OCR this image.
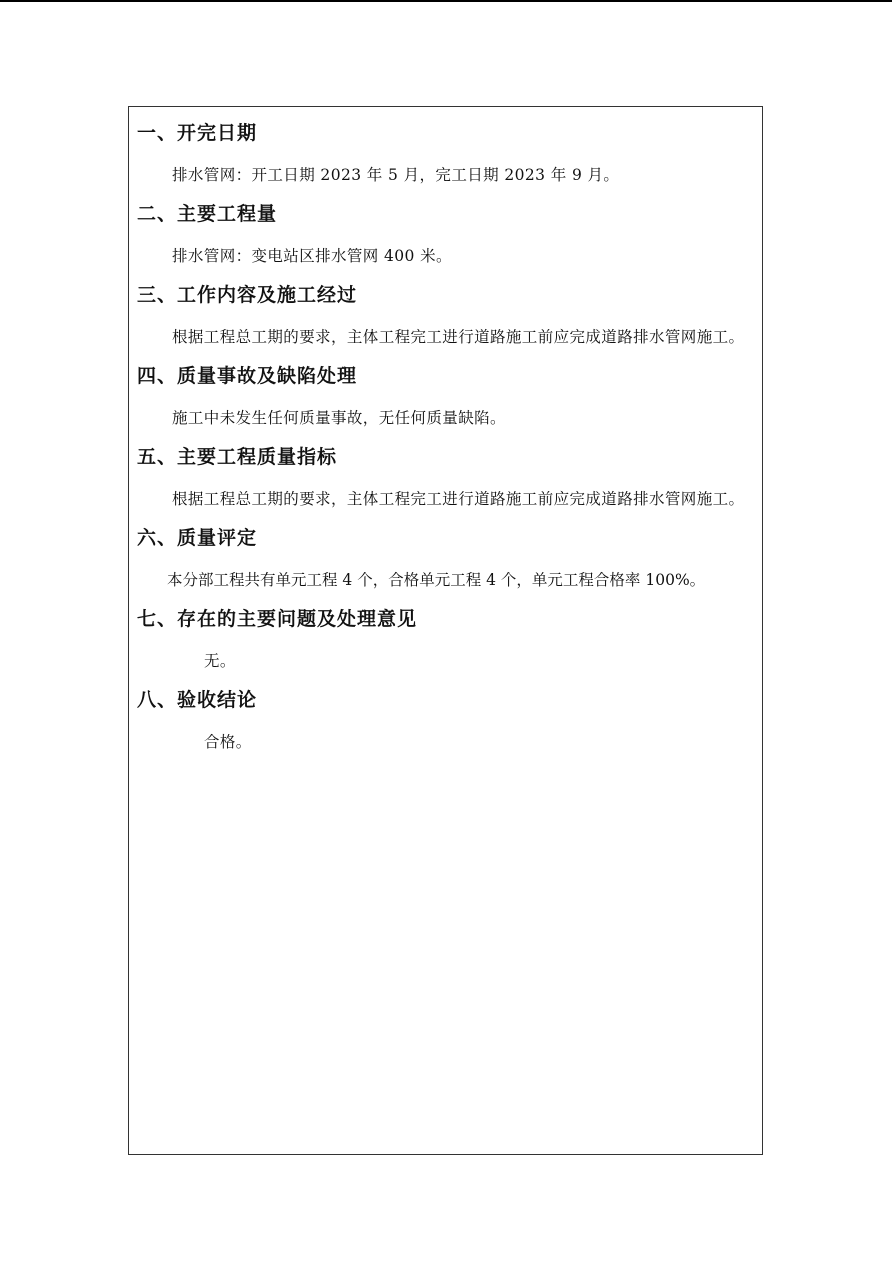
一、开完日期
排水管网：开工日期 2023 年 5 月，完工日期 2023 年 9 月。
二、主要工程量
排水管网：变电站区排水管网 400 米。
三、工作内容及施工经过
根据工程总工期的要求，主体工程完工进行道路施工前应完成道路排水管网施工。
四、质量事故及缺陷处理
施工中未发生任何质量事故，无任何质量缺陷。
五、主要工程质量指标
根据工程总工期的要求，主体工程完工进行道路施工前应完成道路排水管网施工。
六、质量评定
本分部工程共有单元工程 4 个，合格单元工程 4 个，单元工程合格率 100%。
七、存在的主要问题及处理意见
无。
八、验收结论
合格。
